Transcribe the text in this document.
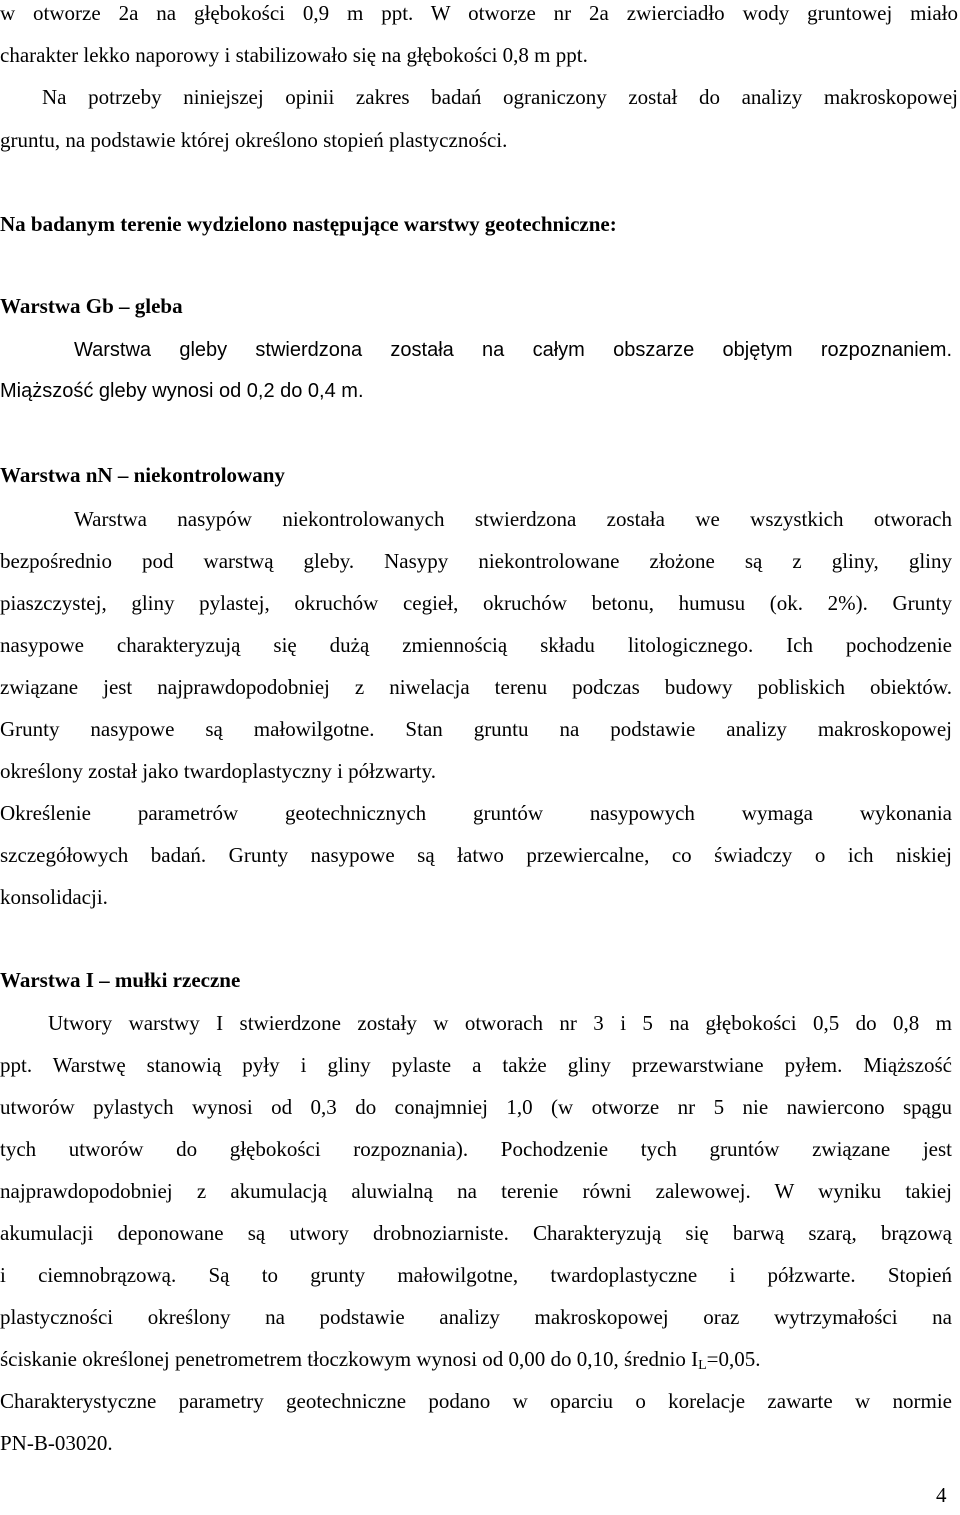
w otworze 2a na głębokości 0,9 m ppt. W otworze nr 2a zwierciadło wody gruntowej miało
charakter lekko naporowy i stabilizowało się na głębokości 0,8 m ppt.
Na potrzeby niniejszej opinii zakres badań ograniczony został do analizy makroskopowej
gruntu, na podstawie której określono stopień plastyczności.
Na badanym terenie wydzielono następujące warstwy geotechniczne:
Warstwa Gb – gleba
Warstwa gleby stwierdzona została na całym obszarze objętym rozpoznaniem.
Miąższość gleby wynosi od 0,2 do 0,4 m.
Warstwa nN – niekontrolowany
Warstwa nasypów niekontrolowanych stwierdzona została we wszystkich otworach
bezpośrednio pod warstwą gleby. Nasypy niekontrolowane złożone są z gliny, gliny
piaszczystej, gliny pylastej, okruchów cegieł, okruchów betonu, humusu (ok. 2%). Grunty
nasypowe charakteryzują się dużą zmiennością składu litologicznego. Ich pochodzenie
związane jest najprawdopodobniej z niwelacja terenu podczas budowy pobliskich obiektów.
Grunty nasypowe są małowilgotne. Stan gruntu na podstawie analizy makroskopowej
określony został jako twardoplastyczny i półzwarty.
Określenie parametrów geotechnicznych gruntów nasypowych wymaga wykonania
szczegółowych badań. Grunty nasypowe są łatwo przewiercalne, co świadczy o ich niskiej
konsolidacji.
Warstwa I – mułki rzeczne
Utwory warstwy I stwierdzone zostały w otworach nr 3 i 5 na głębokości 0,5 do 0,8 m
ppt. Warstwę stanowią pyły i gliny pylaste a także gliny przewarstwiane pyłem. Miąższość
utworów pylastych wynosi od 0,3 do conajmniej 1,0 (w otworze nr 5 nie nawiercono spągu
tych utworów do głębokości rozpoznania). Pochodzenie tych gruntów związane jest
najprawdopodobniej z akumulacją aluwialną na terenie równi zalewowej. W wyniku takiej
akumulacji deponowane są utwory drobnoziarniste. Charakteryzują się barwą szarą, brązową
i ciemnobrązową. Są to grunty małowilgotne, twardoplastyczne i półzwarte. Stopień
plastyczności określony na podstawie analizy makroskopowej oraz wytrzymałości na
ściskanie określonej penetrometrem tłoczkowym wynosi od 0,00 do 0,10, średnio $I_L=0,05$.
Charakterystyczne parametry geotechniczne podano w oparciu o korelacje zawarte w normie
PN-B-03020.
4
